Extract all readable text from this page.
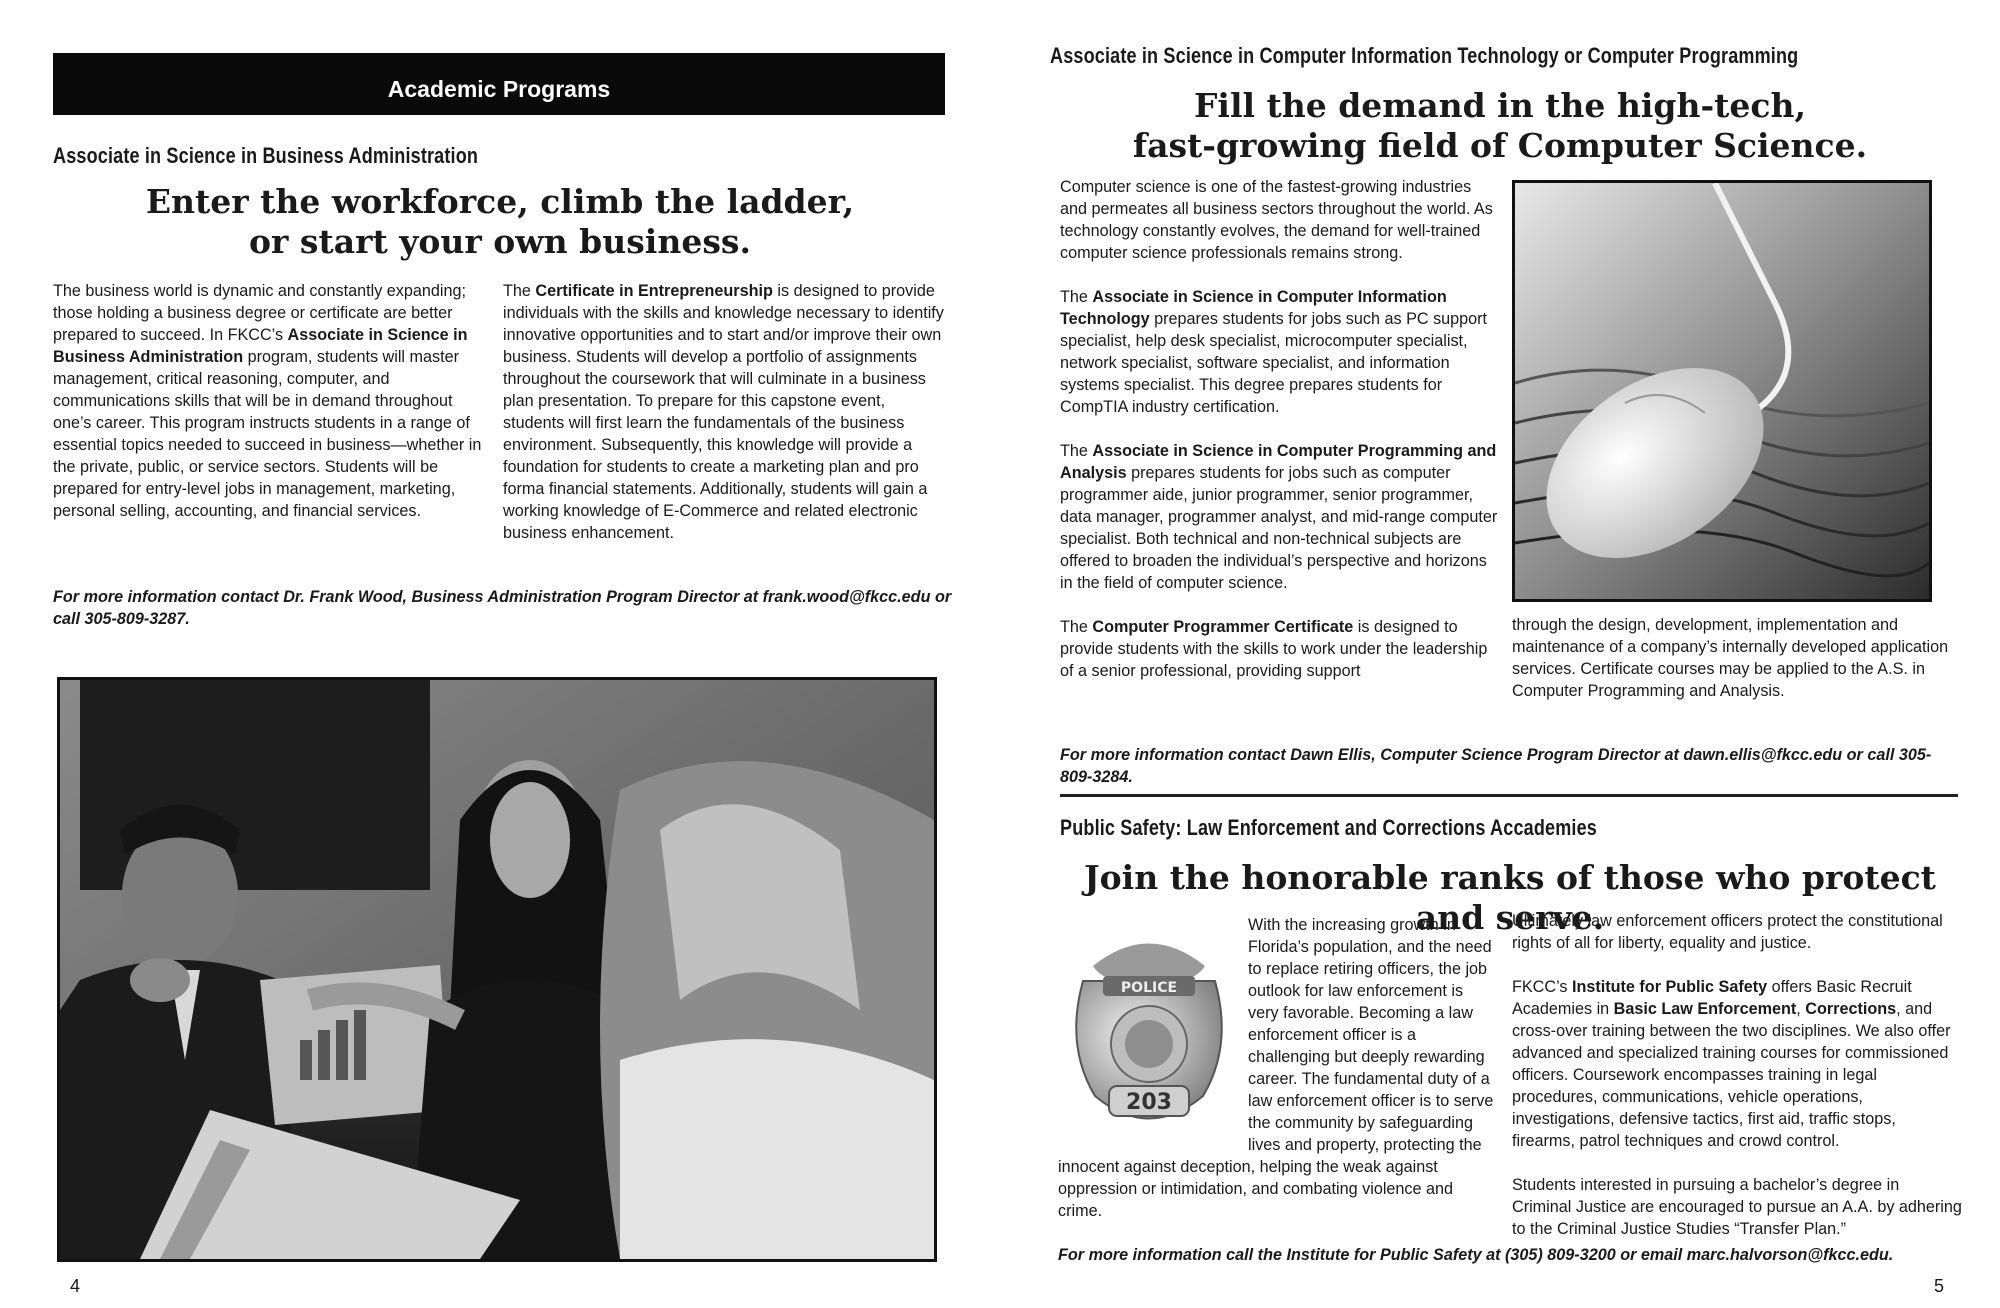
Academic Programs
Associate in Science in Business Administration
Enter the workforce, climb the ladder,
or start your own business.
The business world is dynamic and constantly expanding; those holding a business degree or certificate are better prepared to succeed. In FKCC’s Associate in Science in Business Administration program, students will master management, critical reasoning, computer, and communications skills that will be in demand throughout one’s career. This program instructs students in a range of essential topics needed to succeed in business—whether in the private, public, or service sectors. Students will be prepared for entry-level jobs in management, marketing, personal selling, accounting, and financial services.
The Certificate in Entrepreneurship is designed to provide individuals with the skills and knowledge necessary to identify innovative opportunities and to start and/or improve their own business. Students will develop a portfolio of assignments throughout the coursework that will culminate in a business plan presentation. To prepare for this capstone event, students will first learn the fundamentals of the business environment. Subsequently, this knowledge will provide a foundation for students to create a marketing plan and pro forma financial statements. Additionally, students will gain a working knowledge of E-Commerce and related electronic business enhancement.
For more information contact Dr. Frank Wood, Business Administration Program Director at frank.wood@fkcc.edu or call 305-809-3287.
4
Associate in Science in Computer Information Technology or Computer Programming
Fill the demand in the high-tech,
fast-growing field of Computer Science.

Computer science is one of the fastest-growing industries and permeates all business sectors throughout the world. As technology constantly evolves, the demand for well-trained computer science professionals remains strong.

The Associate in Science in Computer Information Technology prepares students for jobs such as PC support specialist, help desk specialist, microcomputer specialist, network specialist, software specialist, and information systems specialist. This degree prepares students for CompTIA industry certification.

The Associate in Science in Computer Programming and Analysis prepares students for jobs such as computer programmer aide, junior programmer, senior programmer, data manager, programmer analyst, and mid-range computer specialist. Both technical and non-technical subjects are offered to broaden the individual’s perspective and horizons in the field of computer science.

The Computer Programmer Certificate is designed to provide students with the skills to work under the leadership of a senior professional, providing support

through the design, development, implementation and maintenance of a company’s internally developed application services. Certificate courses may be applied to the A.S. in Computer Programming and Analysis.
For more information contact Dawn Ellis, Computer Science Program Director at dawn.ellis@fkcc.edu or call 305-809-3284.
Public Safety: Law Enforcement and Corrections Accademies
Join the honorable ranks of those who protect and serve.
POLICE
203
With the increasing growth in Florida’s population, and the need to replace retiring officers, the job outlook for law enforcement is very favorable. Becoming a law enforcement officer is a challenging but deeply rewarding career. The fundamental duty of a law enforcement officer is to serve the community by safeguarding lives and property, protecting the innocent against deception, helping the weak against oppression or intimidation, and combating violence and crime.

Ultimately law enforcement officers protect the constitutional rights of all for liberty, equality and justice.

FKCC’s Institute for Public Safety offers Basic Recruit Academies in Basic Law Enforcement, Corrections, and cross-over training between the two disciplines. We also offer advanced and specialized training courses for commissioned officers. Coursework encompasses training in legal procedures, communications, vehicle operations, investigations, defensive tactics, first aid, traffic stops, firearms, patrol techniques and crowd control.

Students interested in pursuing a bachelor’s degree in Criminal Justice are encouraged to pursue an A.A. by adhering to the Criminal Justice Studies “Transfer Plan.”

For more information call the Institute for Public Safety at (305) 809-3200 or email marc.halvorson@fkcc.edu.
5
